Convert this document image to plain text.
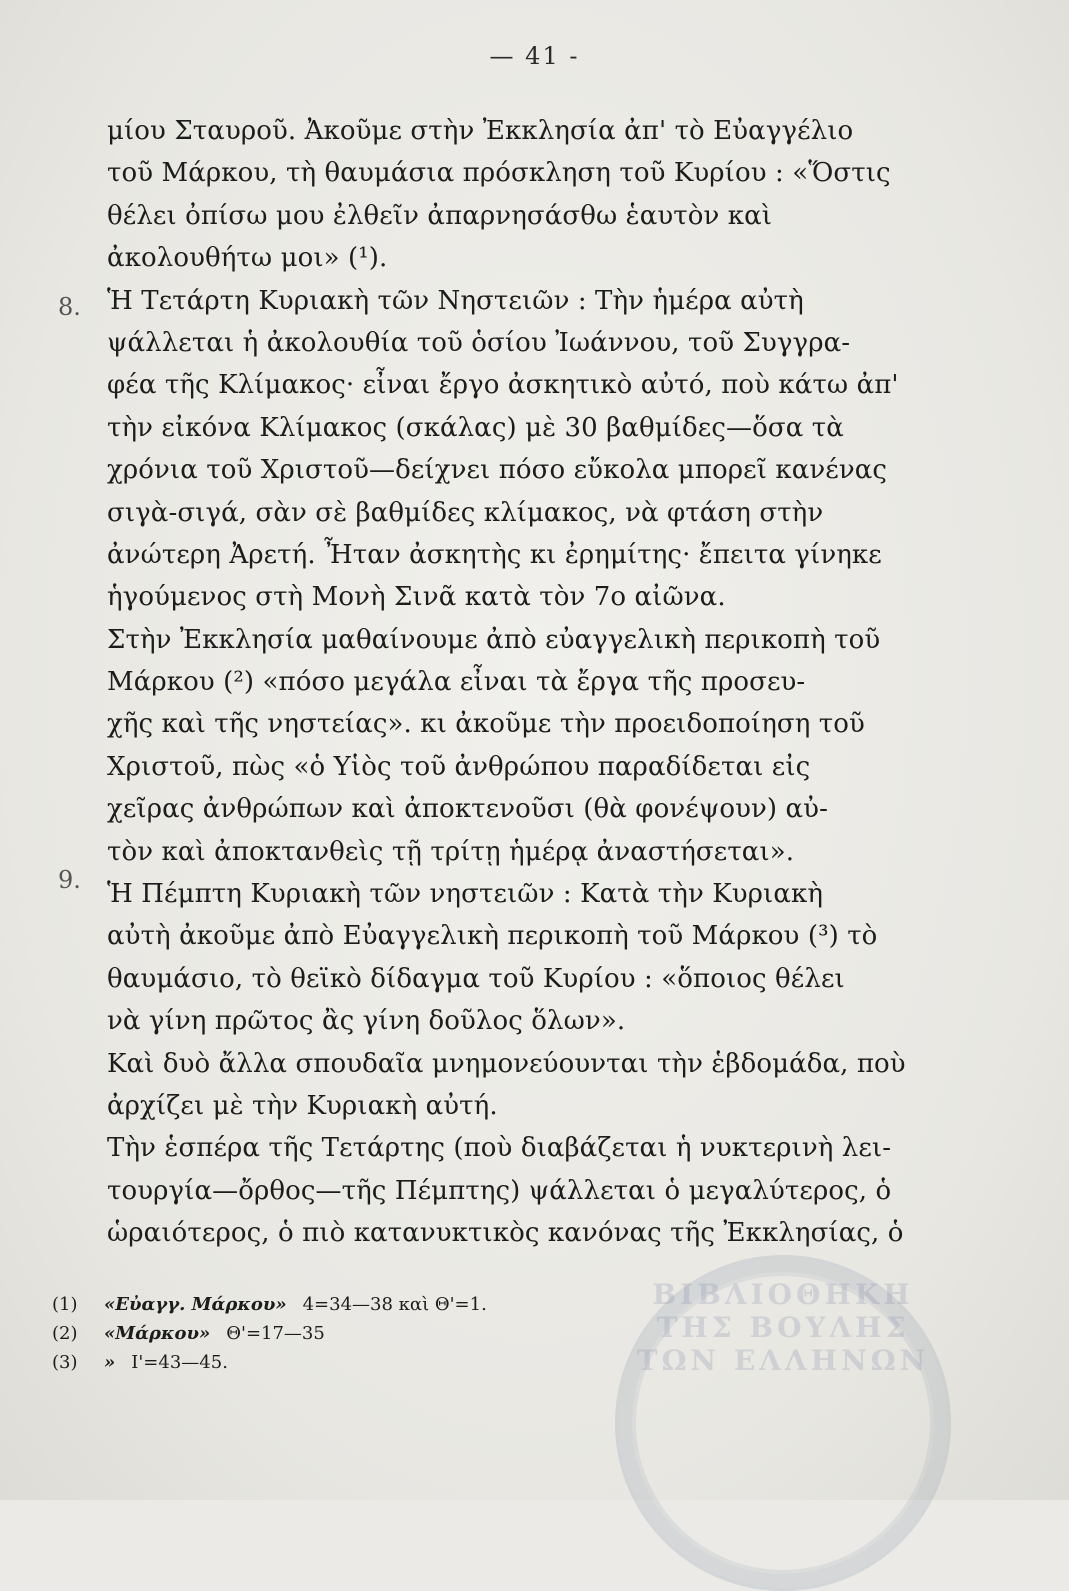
— 41 -
8.
9.
μίου Σταυροῦ. Ἀκοῦμε στὴν Ἐκκλησία ἀπ' τὸ Εὐαγγέλιο
τοῦ Μάρκου, τὴ θαυμάσια πρόσκληση τοῦ Κυρίου : «Ὅστις
θέλει ὀπίσω μου ἐλθεῖν ἀπαρνησάσθω ἑαυτὸν καὶ
ἀκολουθήτω μοι» (¹).
Ἡ Τετάρτη Κυριακὴ τῶν Νηστειῶν : Τὴν ἡμέρα αὐτὴ
ψάλλεται ἡ ἀκολουθία τοῦ ὁσίου Ἰωάννου, τοῦ Συγγρα-
φέα τῆς Κλίμακος· εἶναι ἔργο ἀσκητικὸ αὐτό, ποὺ κάτω ἀπ'
τὴν εἰκόνα Κλίμακος (σκάλας) μὲ 30 βαθμίδες—ὅσα τὰ
χρόνια τοῦ Χριστοῦ—δείχνει πόσο εὔκολα μπορεῖ κανένας
σιγὰ-σιγά, σὰν σὲ βαθμίδες κλίμακος, νὰ φτάση στὴν
ἀνώτερη Ἀρετή. Ἦταν ἀσκητὴς κι ἐρημίτης· ἔπειτα γίνηκε
ἡγούμενος στὴ Μονὴ Σινᾶ κατὰ τὸν 7ο αἰῶνα.
Στὴν Ἐκκλησία μαθαίνουμε ἀπὸ εὐαγγελικὴ περικοπὴ τοῦ
Μάρκου (²) «πόσο μεγάλα εἶναι τὰ ἔργα τῆς προσευ-
χῆς καὶ τῆς νηστείας». κι ἀκοῦμε τὴν προειδοποίηση τοῦ
Χριστοῦ, πὼς «ὁ Υἱὸς τοῦ ἀνθρώπου παραδίδεται εἰς
χεῖρας ἀνθρώπων καὶ ἀποκτενοῦσι (θὰ φονέψουν) αὐ-
τὸν καὶ ἀποκτανθεὶς τῇ τρίτῃ ἡμέρᾳ ἀναστήσεται».
Ἡ Πέμπτη Κυριακὴ τῶν νηστειῶν : Κατὰ τὴν Κυριακὴ
αὐτὴ ἀκοῦμε ἀπὸ Εὐαγγελικὴ περικοπὴ τοῦ Μάρκου (³) τὸ
θαυμάσιο, τὸ θεϊκὸ δίδαγμα τοῦ Κυρίου : «ὅποιος θέλει
νὰ γίνη πρῶτος ἂς γίνη δοῦλος ὅλων».
Καὶ δυὸ ἄλλα σπουδαῖα μνημονεύουνται τὴν ἑβδομάδα, ποὺ
ἀρχίζει μὲ τὴν Κυριακὴ αὐτή.
Τὴν ἑσπέρα τῆς Τετάρτης (ποὺ διαβάζεται ἡ νυκτερινὴ λει-
τουργία—ὄρθος—τῆς Πέμπτης) ψάλλεται ὁ μεγαλύτερος, ὁ
ὡραιότερος, ὁ πιὸ κατανυκτικὸς κανόνας τῆς Ἐκκλησίας, ὁ
ΒΙΒΛΙΟΘΗΚΗ ΤΗΣ ΒΟΥΛΗΣ ΤΩΝ ΕΛΛΗΝΩΝ
(1)	«Εὐαγγ. Μάρκου» 4=34—38 καὶ Θ'=1.
(2)	«Μάρκου» Θ'=17—35
(3)	» Ι'=43—45.
